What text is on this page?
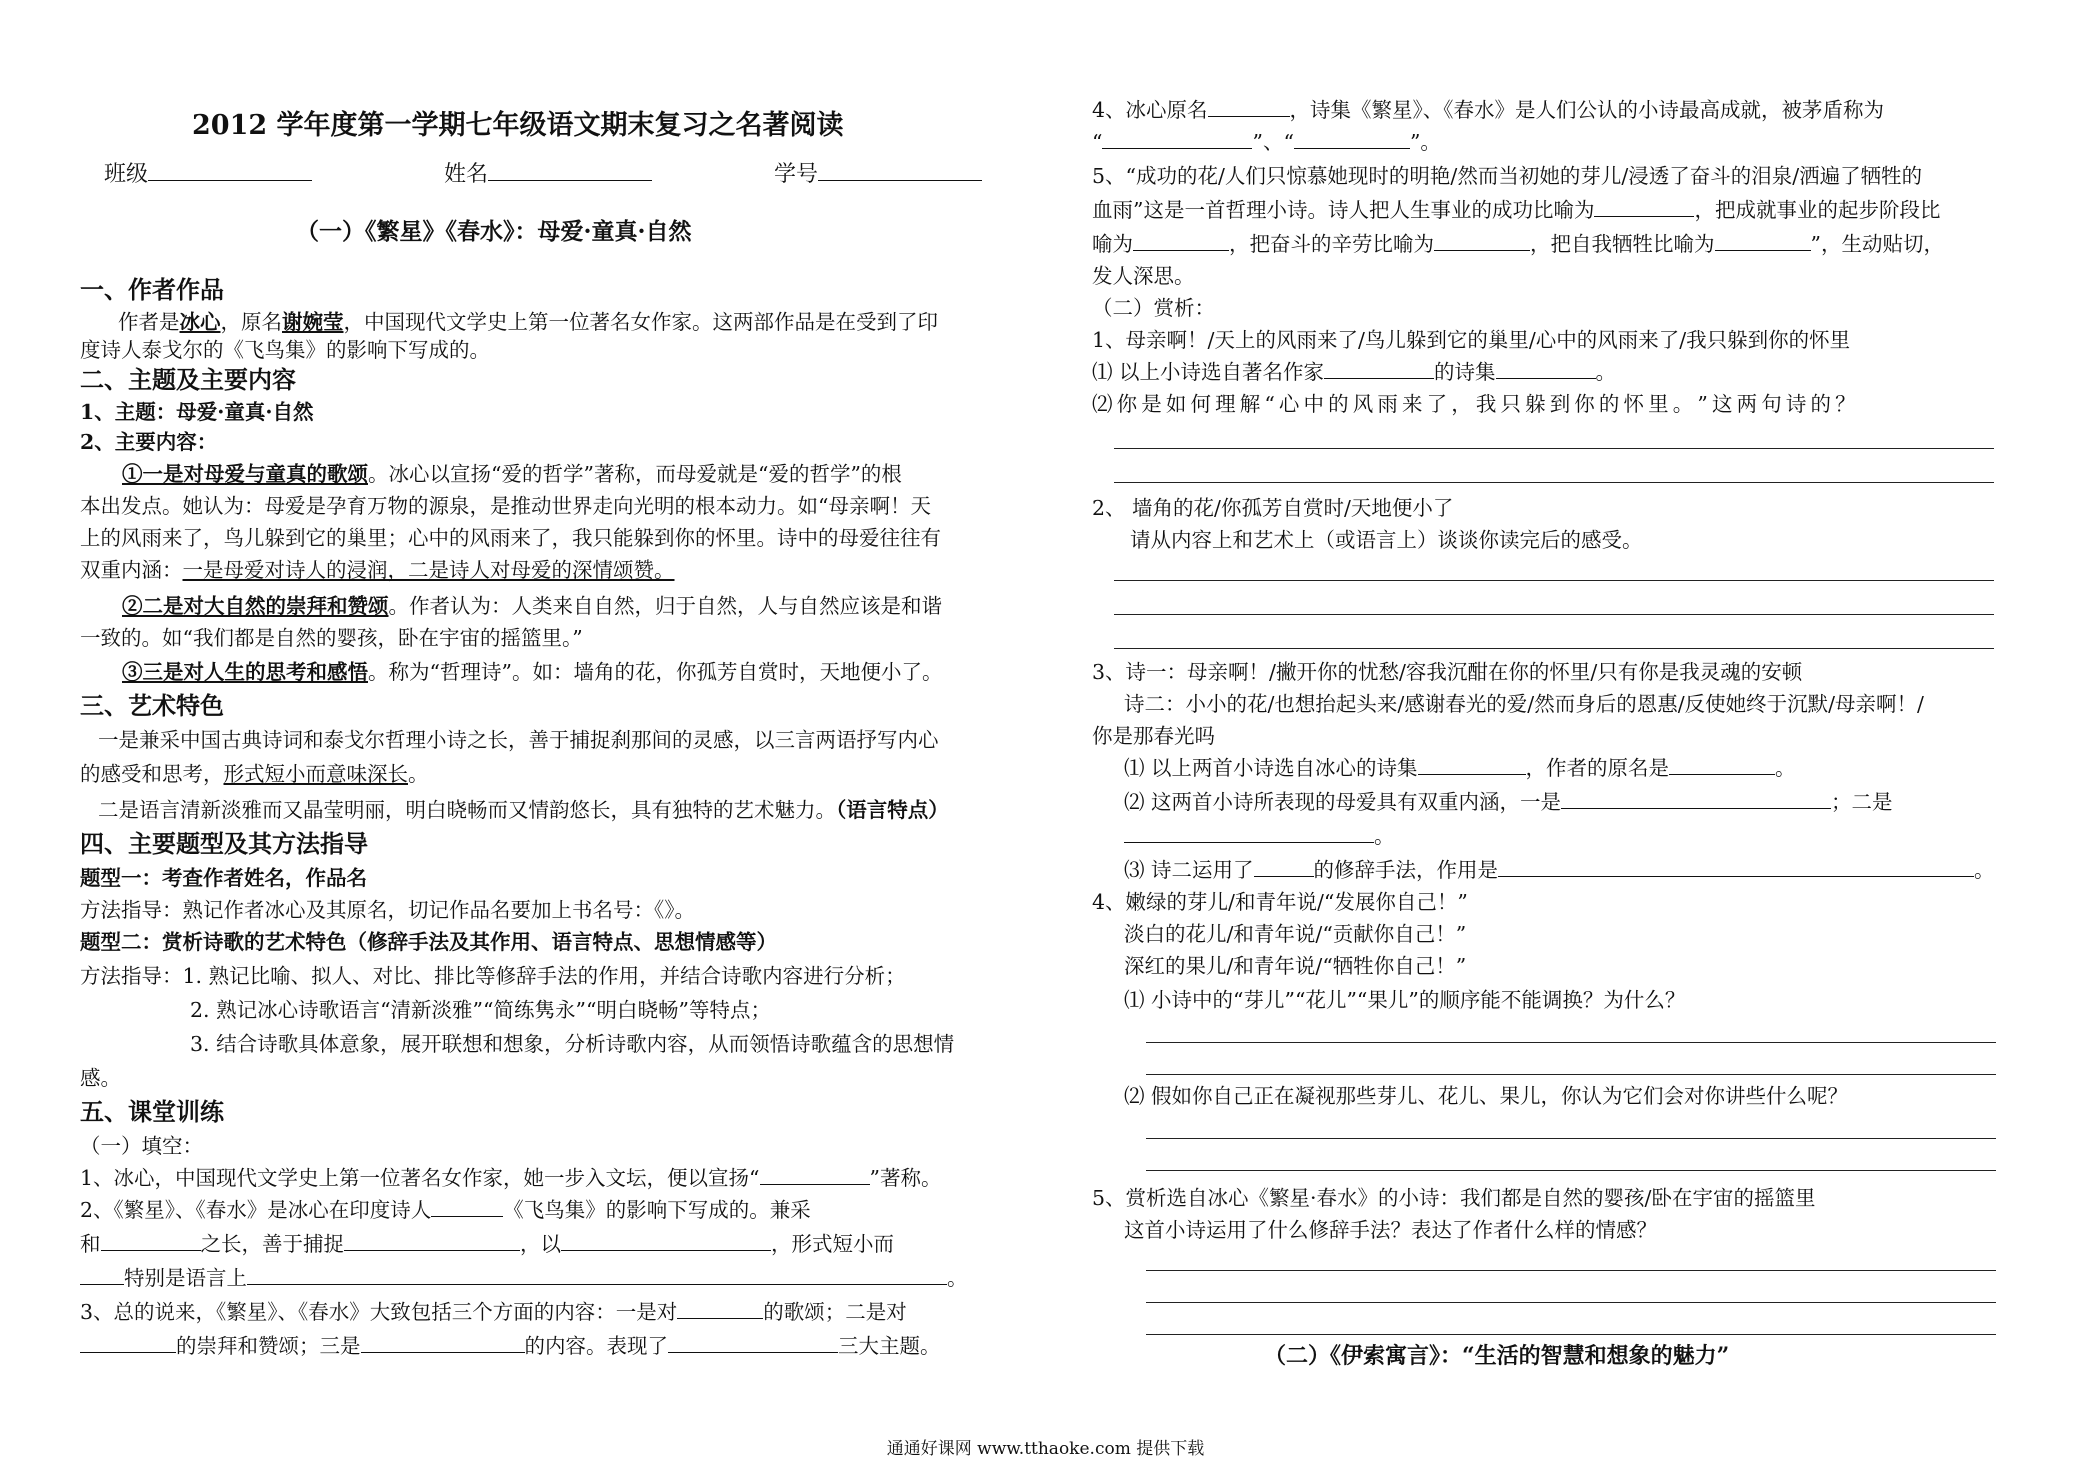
2012 学年度第一学期七年级语文期末复习之名著阅读
班级	姓名	学号
（一）《繁星》《春水》：母爱·童真·自然
一、作者作品
作者是冰心，原名谢婉莹，中国现代文学史上第一位著名女作家。这两部作品是在受到了印
度诗人泰戈尔的《飞鸟集》的影响下写成的。
二、主题及主要内容
1、主题：母爱·童真·自然
2、主要内容：
①一是对母爱与童真的歌颂。冰心以宣扬“爱的哲学”著称，而母爱就是“爱的哲学”的根
本出发点。她认为：母爱是孕育万物的源泉，是推动世界走向光明的根本动力。如“母亲啊！天
上的风雨来了，鸟儿躲到它的巢里；心中的风雨来了，我只能躲到你的怀里。诗中的母爱往往有
双重内涵：一是母爱对诗人的浸润，二是诗人对母爱的深情颂赞。
②二是对大自然的崇拜和赞颂。作者认为：人类来自自然，归于自然，人与自然应该是和谐
一致的。如“我们都是自然的婴孩，卧在宇宙的摇篮里。”
③三是对人生的思考和感悟。称为“哲理诗”。如：墙角的花，你孤芳自赏时，天地便小了。
三、艺术特色
一是兼采中国古典诗词和泰戈尔哲理小诗之长，善于捕捉刹那间的灵感，以三言两语抒写内心
的感受和思考，形式短小而意味深长。
二是语言清新淡雅而又晶莹明丽，明白晓畅而又情韵悠长，具有独特的艺术魅力。（语言特点）
四、主要题型及其方法指导
题型一：考查作者姓名，作品名
方法指导：熟记作者冰心及其原名，切记作品名要加上书名号：《》。
题型二：赏析诗歌的艺术特色（修辞手法及其作用、语言特点、思想情感等）
方法指导：1. 熟记比喻、拟人、对比、排比等修辞手法的作用，并结合诗歌内容进行分析；
2. 熟记冰心诗歌语言“清新淡雅”“简练隽永”“明白晓畅”等特点；
3. 结合诗歌具体意象，展开联想和想象，分析诗歌内容，从而领悟诗歌蕴含的思想情
感。
五、课堂训练
（一）填空：
1、冰心，中国现代文学史上第一位著名女作家，她一步入文坛，便以宣扬“	”著称。
2、《繁星》、《春水》是冰心在印度诗人	《飞鸟集》的影响下写成的。兼采
和	之长，善于捕捉	，以	，形式短小而
特别是语言上	。
3、总的说来，《繁星》、《春水》大致包括三个方面的内容：一是对	的歌颂；二是对
的崇拜和赞颂；三是	的内容。表现了	三大主题。
4、冰心原名	，诗集《繁星》、《春水》是人们公认的小诗最高成就，被茅盾称为
“	”、“	”。
5、“成功的花/人们只惊慕她现时的明艳/然而当初她的芽儿/浸透了奋斗的泪泉/洒遍了牺牲的
血雨”这是一首哲理小诗。诗人把人生事业的成功比喻为	，把成就事业的起步阶段比
喻为	，把奋斗的辛劳比喻为	，把自我牺牲比喻为	”，生动贴切，
发人深思。
（二）赏析：
1、母亲啊！/天上的风雨来了/鸟儿躲到它的巢里/心中的风雨来了/我只躲到你的怀里
⑴ 以上小诗选自著名作家	的诗集	。
⑵ 你 是 如 何 理 解 “ 心 中 的 风 雨 来 了 ， 我 只 躲 到 你 的 怀 里 。 ” 这 两 句 诗 的 ？
2、 墙角的花/你孤芳自赏时/天地便小了
请从内容上和艺术上（或语言上）谈谈你读完后的感受。
3、诗一：母亲啊！/撇开你的忧愁/容我沉酣在你的怀里/只有你是我灵魂的安顿
诗二：小小的花/也想抬起头来/感谢春光的爱/然而身后的恩惠/反使她终于沉默/母亲啊！/
你是那春光吗
⑴ 以上两首小诗选自冰心的诗集	，作者的原名是	。
⑵ 这两首小诗所表现的母爱具有双重内涵，一是	；二是
。
⑶ 诗二运用了	的修辞手法，作用是	。
4、嫩绿的芽儿/和青年说/“发展你自己！”
淡白的花儿/和青年说/“贡献你自己！”
深红的果儿/和青年说/“牺牲你自己！”
⑴ 小诗中的“芽儿”“花儿”“果儿”的顺序能不能调换？为什么？
⑵ 假如你自己正在凝视那些芽儿、花儿、果儿，你认为它们会对你讲些什么呢？
5、赏析选自冰心《繁星·春水》的小诗：我们都是自然的婴孩/卧在宇宙的摇篮里
这首小诗运用了什么修辞手法？表达了作者什么样的情感？
（二）《伊索寓言》：“生活的智慧和想象的魅力”
通通好课网 www.tthaoke.com 提供下载
